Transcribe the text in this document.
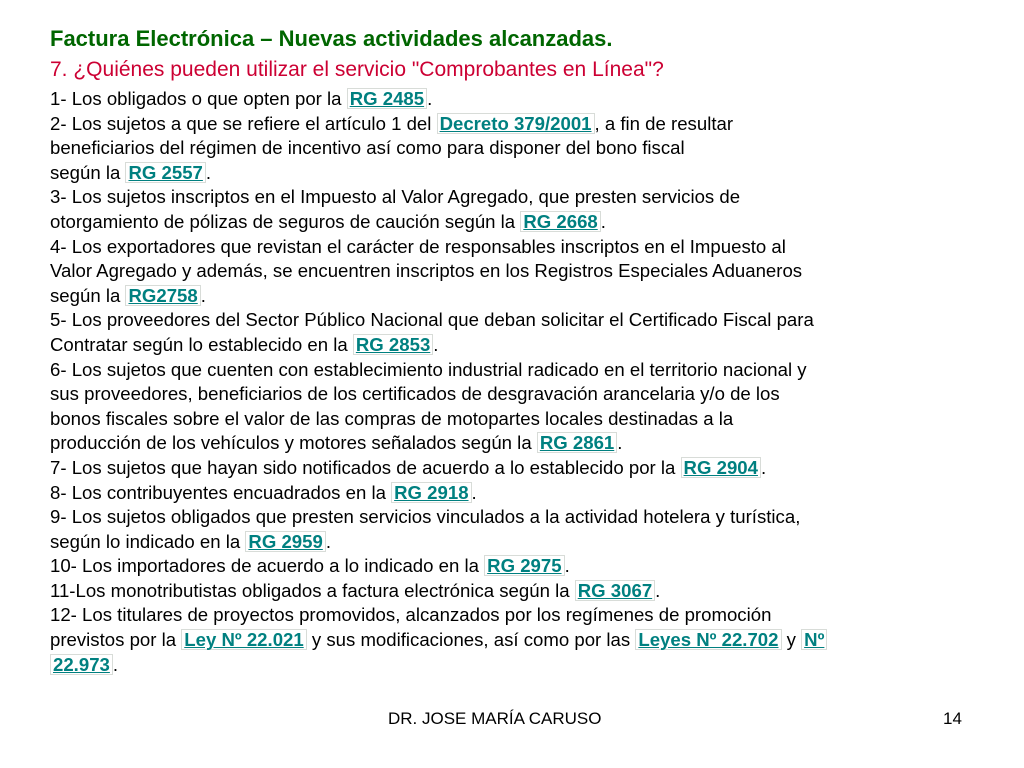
Factura Electrónica – Nuevas actividades alcanzadas.
7. ¿Quiénes pueden utilizar el servicio "Comprobantes en Línea"?
1- Los obligados o que opten por la RG 2485 .
2- Los sujetos a que se refiere el artículo 1 del Decreto 379/2001 , a fin de resultar
beneficiarios del régimen de incentivo así como para disponer del bono fiscal
según la RG 2557 .
3- Los sujetos inscriptos en el Impuesto al Valor Agregado, que presten servicios de
otorgamiento de pólizas de seguros de caución según la RG 2668 .
4- Los exportadores que revistan el carácter de responsables inscriptos en el Impuesto al
Valor Agregado y además, se encuentren inscriptos en los Registros Especiales Aduaneros
según la RG2758 .
5- Los proveedores del Sector Público Nacional que deban solicitar el Certificado Fiscal para
Contratar según lo establecido en la RG 2853 .
6- Los sujetos que cuenten con establecimiento industrial radicado en el territorio nacional y
sus proveedores, beneficiarios de los certificados de desgravación arancelaria y/o de los
bonos fiscales sobre el valor de las compras de motopartes locales destinadas a la
producción de los vehículos y motores señalados según la RG 2861 .
7- Los sujetos que hayan sido notificados de acuerdo a lo establecido por la RG 2904 .
8- Los contribuyentes encuadrados en la RG 2918 .
9- Los sujetos obligados que presten servicios vinculados a la actividad hotelera y turística,
según lo indicado en la RG 2959 .
10- Los importadores de acuerdo a lo indicado en la RG 2975 .
11-Los monotributistas obligados a factura electrónica según la RG 3067 .
12- Los titulares de proyectos promovidos, alcanzados por los regímenes de promoción
previstos por la Ley Nº 22.021 y sus modificaciones, así como por las Leyes Nº 22.702 y Nº
22.973 .
DR. JOSE MARÍA CARUSO	14
